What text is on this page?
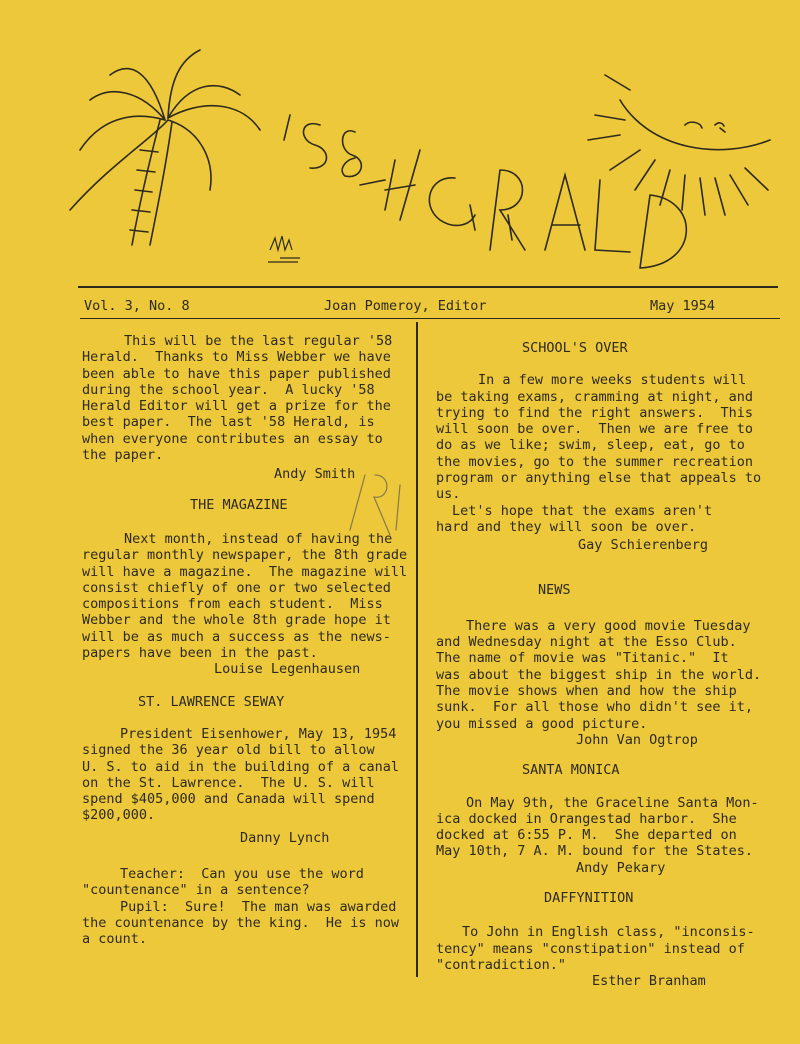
Vol. 3, No. 8	Joan Pomeroy, Editor	May 1954

This will be the last regular '58

Herald.  Thanks to Miss Webber we have

been able to have this paper published

during the school year.  A lucky '58

Herald Editor will get a prize for the

best paper.  The last '58 Herald, is

when everyone contributes an essay to

the paper.

Andy Smith

THE MAGAZINE

Next month, instead of having the

regular monthly newspaper, the 8th grade

will have a magazine.  The magazine will

consist chiefly of one or two selected

compositions from each student.  Miss

Webber and the whole 8th grade hope it

will be as much a success as the news-

papers have been in the past.

Louise Legenhausen

ST. LAWRENCE SEWAY

President Eisenhower, May 13, 1954

signed the 36 year old bill to allow

U. S. to aid in the building of a canal

on the St. Lawrence.  The U. S. will

spend $405,000 and Canada will spend

$200,000.

Danny Lynch

Teacher:  Can you use the word

"countenance" in a sentence?

Pupil:  Sure!  The man was awarded

the countenance by the king.  He is now

a count.

SCHOOL'S OVER

In a few more weeks students will

be taking exams, cramming at night, and

trying to find the right answers.  This

will soon be over.  Then we are free to

do as we like; swim, sleep, eat, go to

the movies, go to the summer recreation

program or anything else that appeals to

us.

Let's hope that the exams aren't

hard and they will soon be over.

Gay Schierenberg

NEWS

There was a very good movie Tuesday

and Wednesday night at the Esso Club.

The name of movie was "Titanic."  It

was about the biggest ship in the world.

The movie shows when and how the ship

sunk.  For all those who didn't see it,

you missed a good picture.

John Van Ogtrop

SANTA MONICA

On May 9th, the Graceline Santa Mon-

ica docked in Orangestad harbor.  She

docked at 6:55 P. M.  She departed on

May 10th, 7 A. M. bound for the States.

Andy Pekary

DAFFYNITION

To John in English class, "inconsis-

tency" means "constipation" instead of

"contradiction."

Esther Branham
